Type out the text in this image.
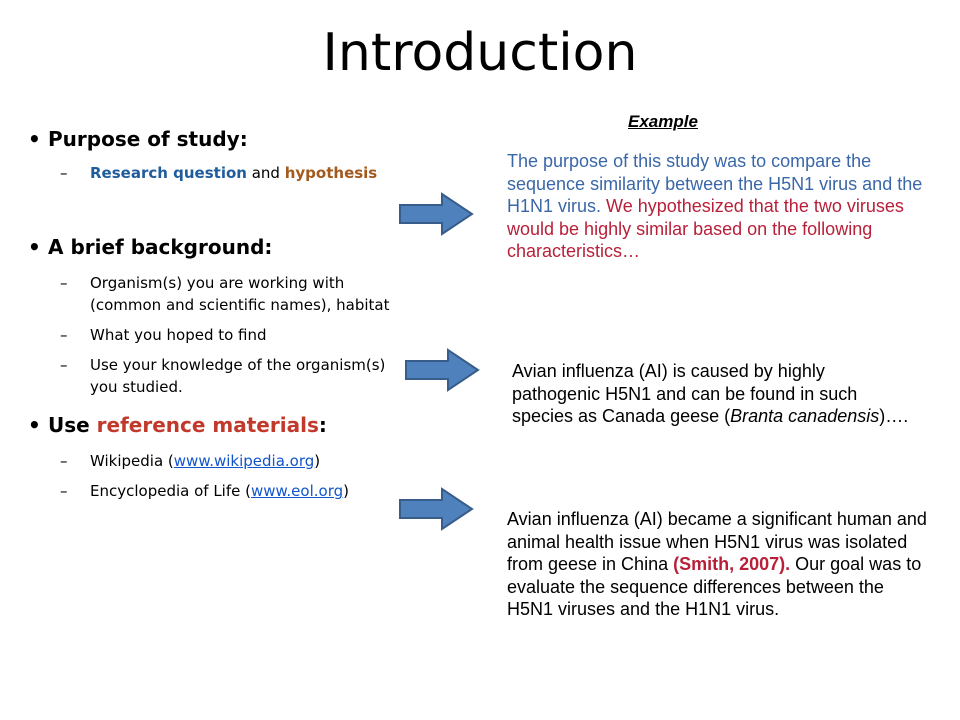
Introduction
• Purpose of study:
– Research question and hypothesis
• A brief background:
– Organism(s) you are working with (common and scientific names), habitat
– What you hoped to find
– Use your knowledge of the organism(s) you studied.
• Use reference materials:
– Wikipedia (www.wikipedia.org)
– Encyclopedia of Life (www.eol.org)
Example
The purpose of this study was to compare the sequence similarity between the H5N1 virus and the H1N1 virus. We hypothesized that the two viruses would be highly similar based on the following characteristics…
Avian influenza (AI) is caused by highly pathogenic H5N1 and can be found in such species as Canada geese (Branta canadensis)….
Avian influenza (AI) became a significant human and animal health issue when H5N1 virus was isolated from geese in China (Smith, 2007). Our goal was to evaluate the sequence differences between the H5N1 viruses and the H1N1 virus.
